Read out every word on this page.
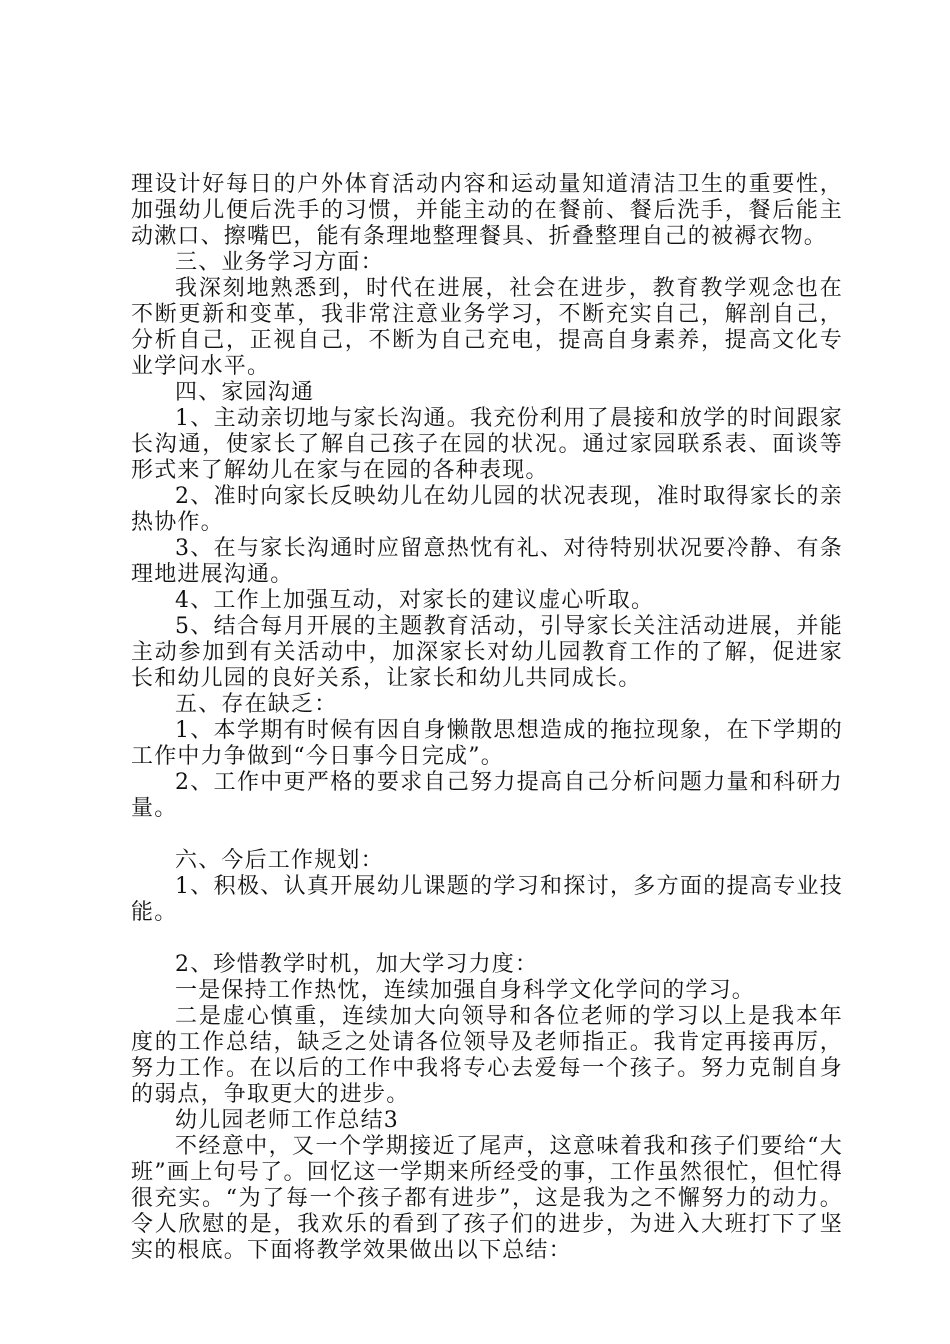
理设计好每日的户外体育活动内容和运动量知道清洁卫生的重要性，加强幼儿便后洗手的习惯，并能主动的在餐前、餐后洗手，餐后能主动漱口、擦嘴巴，能有条理地整理餐具、折叠整理自己的被褥衣物。

三、业务学习方面：

我深刻地熟悉到，时代在进展，社会在进步，教育教学观念也在不断更新和变革，我非常注意业务学习，不断充实自己，解剖自己，分析自己，正视自己，不断为自己充电，提高自身素养，提高文化专业学问水平。

四、家园沟通

1、主动亲切地与家长沟通。我充份利用了晨接和放学的时间跟家长沟通，使家长了解自己孩子在园的状况。通过家园联系表、面谈等形式来了解幼儿在家与在园的各种表现。

2、准时向家长反映幼儿在幼儿园的状况表现，准时取得家长的亲热协作。

3、在与家长沟通时应留意热忱有礼、对待特别状况要冷静、有条理地进展沟通。

4、工作上加强互动，对家长的建议虚心听取。

5、结合每月开展的主题教育活动，引导家长关注活动进展，并能主动参加到有关活动中，加深家长对幼儿园教育工作的了解，促进家长和幼儿园的良好关系，让家长和幼儿共同成长。

五、存在缺乏：

1、本学期有时候有因自身懒散思想造成的拖拉现象，在下学期的工作中力争做到“今日事今日完成”。

2、工作中更严格的要求自己努力提高自己分析问题力量和科研力量。

六、今后工作规划：

1、积极、认真开展幼儿课题的学习和探讨，多方面的提高专业技能。

2、珍惜教学时机，加大学习力度：

一是保持工作热忱，连续加强自身科学文化学问的学习。

二是虚心慎重，连续加大向领导和各位老师的学习以上是我本年度的工作总结，缺乏之处请各位领导及老师指正。我肯定再接再厉，努力工作。在以后的工作中我将专心去爱每一个孩子。努力克制自身的弱点，争取更大的进步。

幼儿园老师工作总结3

不经意中，又一个学期接近了尾声，这意味着我和孩子们要给“大班”画上句号了。回忆这一学期来所经受的事，工作虽然很忙，但忙得很充实。“为了每一个孩子都有进步”，这是我为之不懈努力的动力。令人欣慰的是，我欢乐的看到了孩子们的进步，为进入大班打下了坚实的根底。下面将教学效果做出以下总结：
